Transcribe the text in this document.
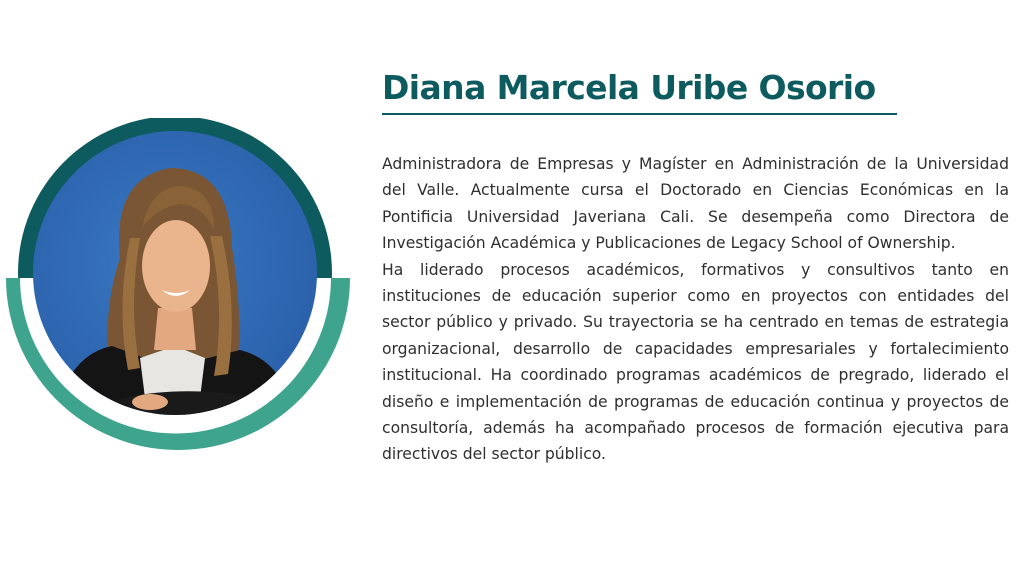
Diana Marcela Uribe Osorio

Administradora de Empresas y Magíster en Administración de la Universidad del Valle. Actualmente cursa el Doctorado en Ciencias Económicas en la Pontificia Universidad Javeriana Cali. Se desempeña como Directora de Investigación Académica y Publicaciones de Legacy School of Ownership.
Ha liderado procesos académicos, formativos y consultivos tanto en instituciones de educación superior como en proyectos con entidades del sector público y privado. Su trayectoria se ha centrado en temas de estrategia organizacional, desarrollo de capacidades empresariales y fortalecimiento institucional. Ha coordinado programas académicos de pregrado, liderado el diseño e implementación de programas de educación continua y proyectos de consultoría, además ha acompañado procesos de formación ejecutiva para directivos del sector público.
